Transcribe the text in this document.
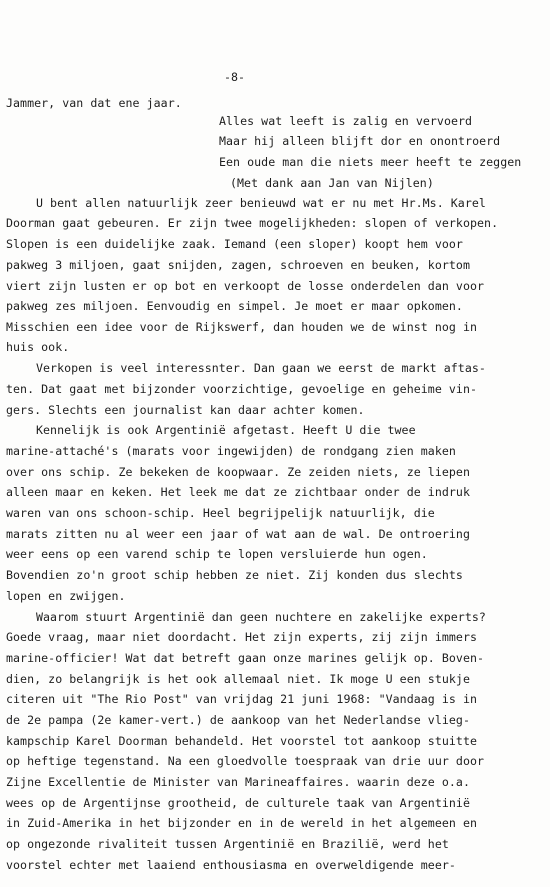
-8-
Jammer, van dat ene jaar.
Alles wat leeft is zalig en vervoerd
Maar hij alleen blijft dor en onontroerd
Een oude man die niets meer heeft te zeggen
(Met dank aan Jan van Nijlen)
U bent allen natuurlijk zeer benieuwd wat er nu met Hr.Ms. Karel
Doorman gaat gebeuren. Er zijn twee mogelijkheden: slopen of verkopen.
Slopen is een duidelijke zaak. Iemand (een sloper) koopt hem voor
pakweg 3 miljoen, gaat snijden, zagen, schroeven en beuken, kortom
viert zijn lusten er op bot en verkoopt de losse onderdelen dan voor
pakweg zes miljoen. Eenvoudig en simpel. Je moet er maar opkomen.
Misschien een idee voor de Rijkswerf, dan houden we de winst nog in
huis ook.
Verkopen is veel interessnter. Dan gaan we eerst de markt aftas-
ten. Dat gaat met bijzonder voorzichtige, gevoelige en geheime vin-
gers. Slechts een journalist kan daar achter komen.
Kennelijk is ook Argentinië afgetast. Heeft U die twee
marine-attaché's (marats voor ingewijden) de rondgang zien maken
over ons schip. Ze bekeken de koopwaar. Ze zeiden niets, ze liepen
alleen maar en keken. Het leek me dat ze zichtbaar onder de indruk
waren van ons schoon-schip. Heel begrijpelijk natuurlijk, die
marats zitten nu al weer een jaar of wat aan de wal. De ontroering
weer eens op een varend schip te lopen versluierde hun ogen.
Bovendien zo'n groot schip hebben ze niet. Zij konden dus slechts
lopen en zwijgen.
Waarom stuurt Argentinië dan geen nuchtere en zakelijke experts?
Goede vraag, maar niet doordacht. Het zijn experts, zij zijn immers
marine-officier! Wat dat betreft gaan onze marines gelijk op. Boven-
dien, zo belangrijk is het ook allemaal niet. Ik moge U een stukje
citeren uit "The Rio Post" van vrijdag 21 juni 1968: "Vandaag is in
de 2e pampa (2e kamer-vert.) de aankoop van het Nederlandse vlieg-
kampschip Karel Doorman behandeld. Het voorstel tot aankoop stuitte
op heftige tegenstand. Na een gloedvolle toespraak van drie uur door
Zijne Excellentie de Minister van Marineaffaires. waarin deze o.a.
wees op de Argentijnse grootheid, de culturele taak van Argentinië
in Zuid-Amerika in het bijzonder en in de wereld in het algemeen en
op ongezonde rivaliteit tussen Argentinië en Brazilië, werd het
voorstel echter met laaiend enthousiasma en overweldigende meer-
